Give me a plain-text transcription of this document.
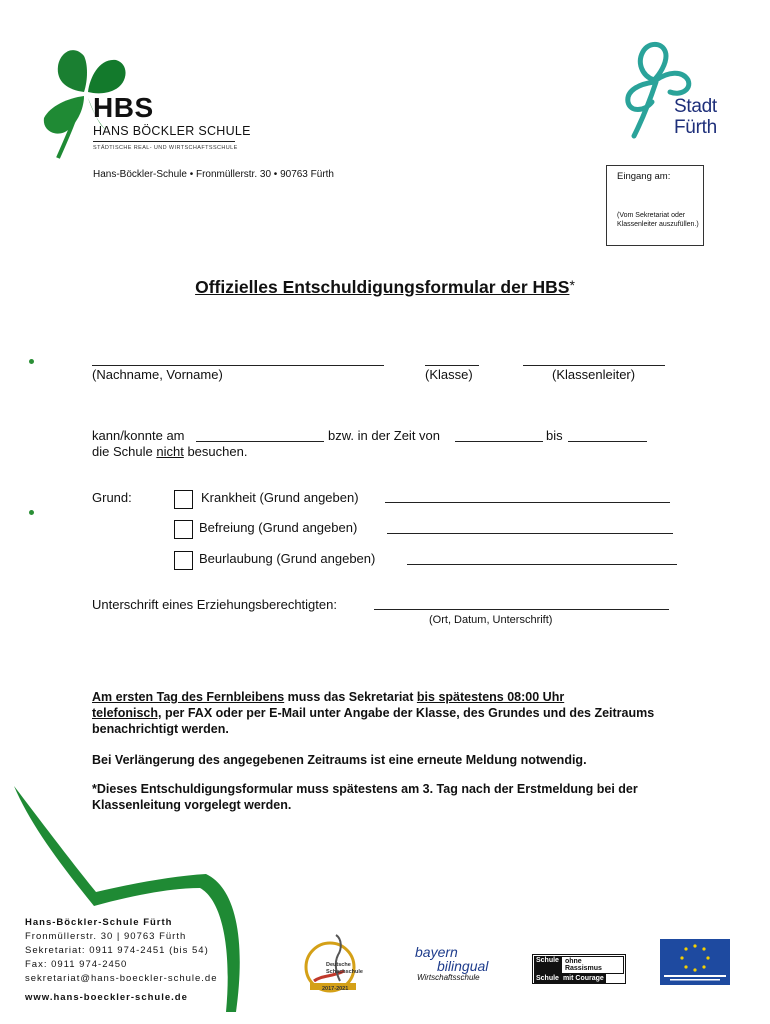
HBS
HANS BÖCKLER SCHULE
STÄDTISCHE REAL- UND WIRTSCHAFTSSCHULE
Stadt
Fürth
Hans-Böckler-Schule • Fronmüllerstr. 30 • 90763 Fürth	Eingang am:
(Vom Sekretariat oder Klassenleiter auszufüllen.)
Offizielles Entschuldigungsformular der HBS*
(Nachname, Vorname)	(Klasse)	(Klassenleiter)
kann/konnte am	bzw. in der Zeit von	bis
die Schule nicht besuchen.
Grund:	Krankheit (Grund angeben)
Befreiung (Grund angeben)
Beurlaubung (Grund angeben)
Unterschrift eines Erziehungsberechtigten:
(Ort, Datum, Unterschrift)
Am ersten Tag des Fernbleibens muss das Sekretariat bis spätestens 08:00 Uhr
telefonisch, per FAX oder per E-Mail unter Angabe der Klasse, des Grundes und des Zeitraums benachrichtigt werden.
Bei Verlängerung des angegebenen Zeitraums ist eine erneute Meldung notwendig.
*Dieses Entschuldigungsformular muss spätestens am 3. Tag nach der Erstmeldung bei der Klassenleitung vorgelegt werden.
Hans-Böckler-Schule Fürth
Fronmüllerstr. 30 | 90763 Fürth
Sekretariat: 0911 974-2451 (bis 54)
Fax: 0911 974-2450
sekretariat@hans-boeckler-schule.de
www.hans-boeckler-schule.de
Deutsche Schachschule
2017-2021
bayern
bilingual
Wirtschaftsschule
Schule ohne Rassismus
Schule mit Courage
